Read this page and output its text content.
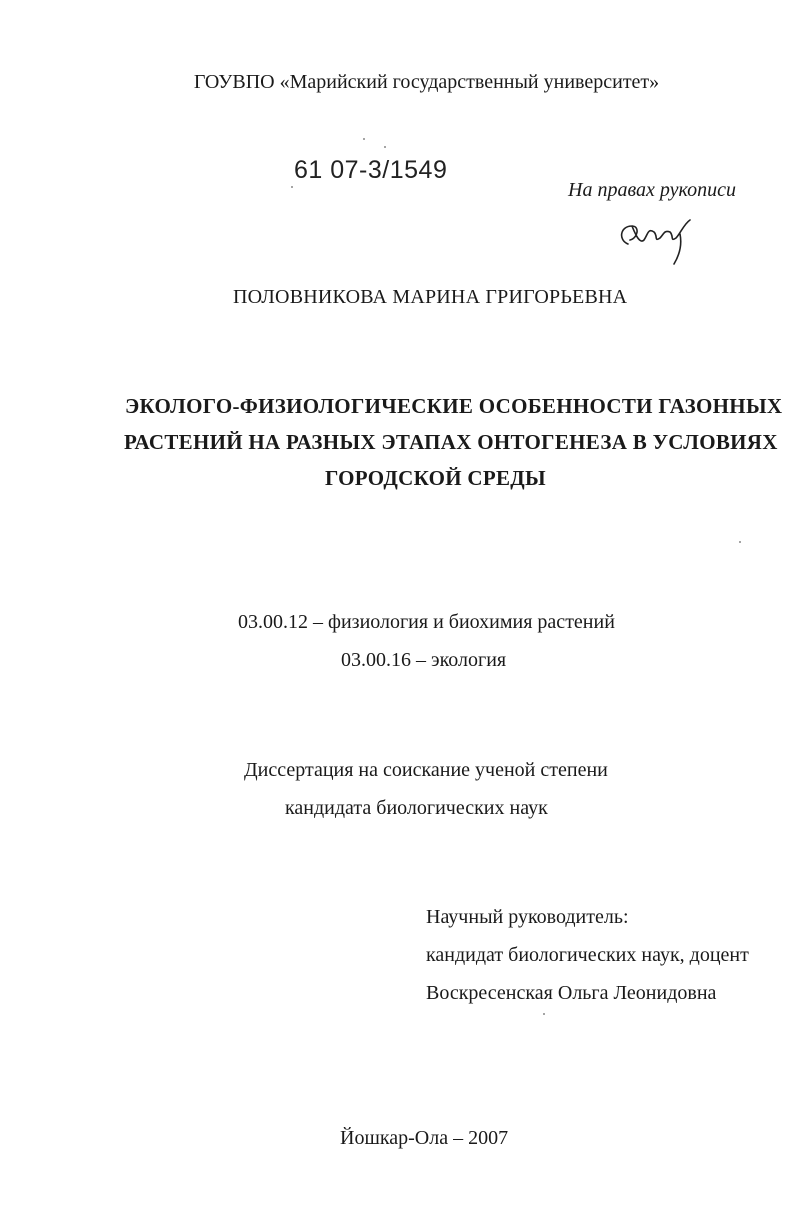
ГОУВПО «Марийский государственный университет»
61 07-3/1549
На правах рукописи
ПОЛОВНИКОВА МАРИНА ГРИГОРЬЕВНА
ЭКОЛОГО-ФИЗИОЛОГИЧЕСКИЕ ОСОБЕННОСТИ ГАЗОННЫХ
РАСТЕНИЙ НА РАЗНЫХ ЭТАПАХ ОНТОГЕНЕЗА В УСЛОВИЯХ
ГОРОДСКОЙ СРЕДЫ
03.00.12 – физиология и биохимия растений
03.00.16 – экология
Диссертация на соискание ученой степени
кандидата биологических наук
Научный руководитель:
кандидат биологических наук, доцент
Воскресенская Ольга Леонидовна
Йошкар-Ола – 2007
